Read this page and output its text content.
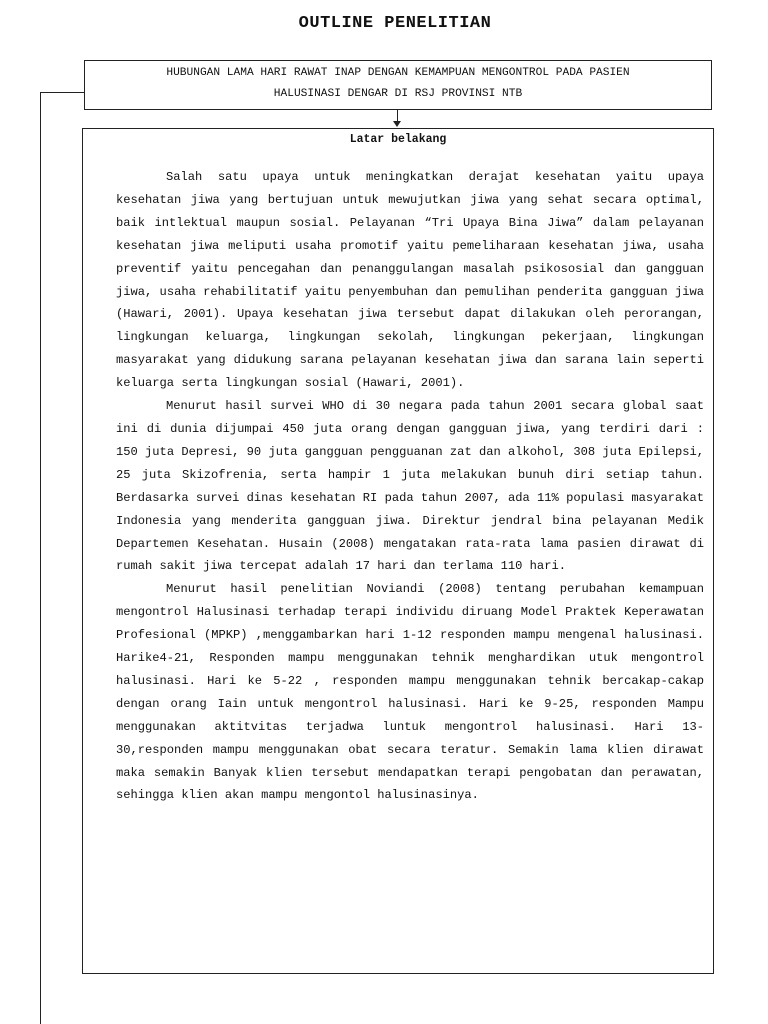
OUTLINE PENELITIAN
HUBUNGAN LAMA HARI RAWAT INAP DENGAN KEMAMPUAN MENGONTROL PADA PASIEN
HALUSINASI DENGAR DI RSJ PROVINSI NTB
Latar belakang

Salah satu upaya untuk meningkatkan derajat kesehatan yaitu upaya kesehatan jiwa yang bertujuan untuk mewujutkan jiwa yang sehat secara optimal, baik intlektual maupun sosial. Pelayanan “Tri Upaya Bina Jiwa” dalam pelayanan kesehatan jiwa meliputi usaha promotif yaitu pemeliharaan kesehatan jiwa, usaha preventif yaitu pencegahan dan penanggulangan masalah psikososial dan gangguan jiwa, usaha rehabilitatif yaitu penyembuhan dan pemulihan penderita gangguan jiwa (Hawari, 2001). Upaya kesehatan jiwa tersebut dapat dilakukan oleh perorangan, lingkungan keluarga, lingkungan sekolah, lingkungan pekerjaan, lingkungan masyarakat yang didukung sarana pelayanan kesehatan jiwa dan sarana lain seperti keluarga serta lingkungan sosial (Hawari, 2001).

Menurut hasil survei WHO di 30 negara pada tahun 2001 secara global saat ini di dunia dijumpai 450 juta orang dengan gangguan jiwa, yang terdiri dari : 150 juta Depresi, 90 juta gangguan pengguanan zat dan alkohol, 308 juta Epilepsi, 25 juta Skizofrenia, serta hampir 1 juta melakukan bunuh diri setiap tahun. Berdasarka survei dinas kesehatan RI pada tahun 2007, ada 11% populasi masyarakat Indonesia yang menderita gangguan jiwa. Direktur jendral bina pelayanan Medik Departemen Kesehatan. Husain (2008) mengatakan rata-rata lama pasien dirawat di rumah sakit jiwa tercepat adalah 17 hari dan terlama 110 hari.

Menurut hasil penelitian Noviandi (2008) tentang perubahan kemampuan mengontrol Halusinasi terhadap terapi individu diruang Model Praktek Keperawatan Profesional (MPKP) ,menggambarkan hari 1-12 responden mampu mengenal halusinasi. Harike4-21, Responden mampu menggunakan tehnik menghardikan utuk mengontrol halusinasi. Hari ke 5-22 , responden mampu menggunakan tehnik bercakap-cakap dengan orang Iain untuk mengontrol halusinasi. Hari ke 9-25, responden Mampu menggunakan aktitvitas terjadwa luntuk mengontrol halusinasi. Hari 13-30,responden mampu menggunakan obat secara teratur. Semakin lama klien dirawat maka semakin Banyak klien tersebut mendapatkan terapi pengobatan dan perawatan, sehingga klien akan mampu mengontol halusinasinya.
